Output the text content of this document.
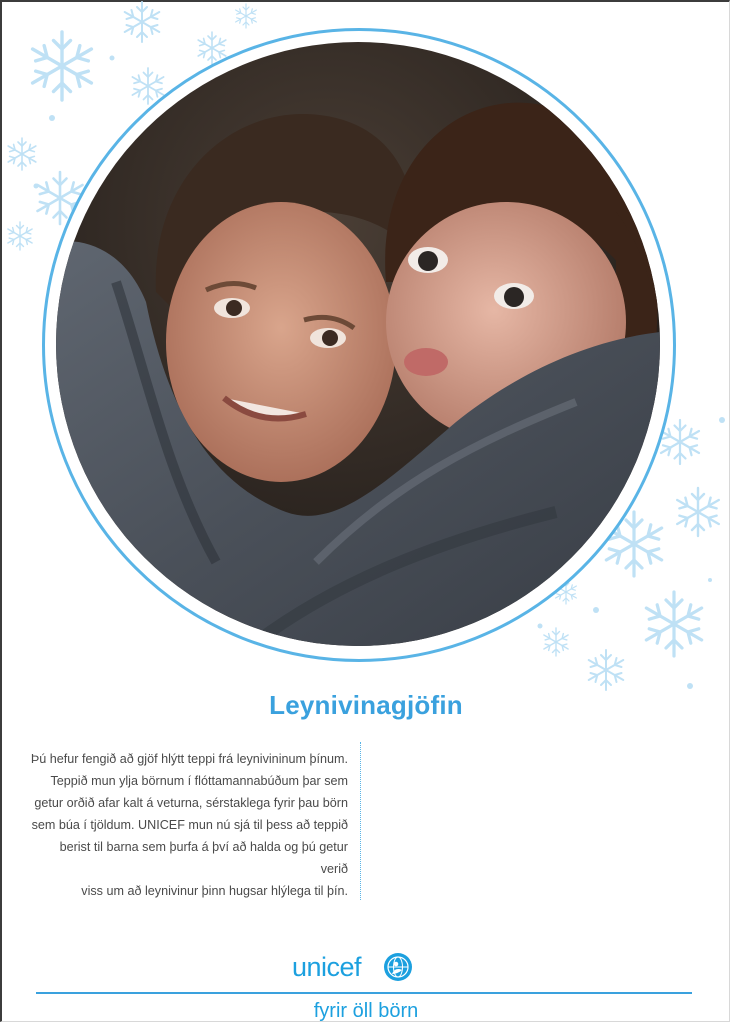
Leynivinagjöfin
Þú hefur fengið að gjöf hlýtt teppi frá leynivininum þínum.
Teppið mun ylja börnum í flóttamannabúðum þar sem
getur orðið afar kalt á veturna, sérstaklega fyrir þau börn
sem búa í tjöldum. UNICEF mun nú sjá til þess að teppið
berist til barna sem þurfa á því að halda og þú getur verið
viss um að leynivinur þinn hugsar hlýlega til þín.
unicef
fyrir öll börn
